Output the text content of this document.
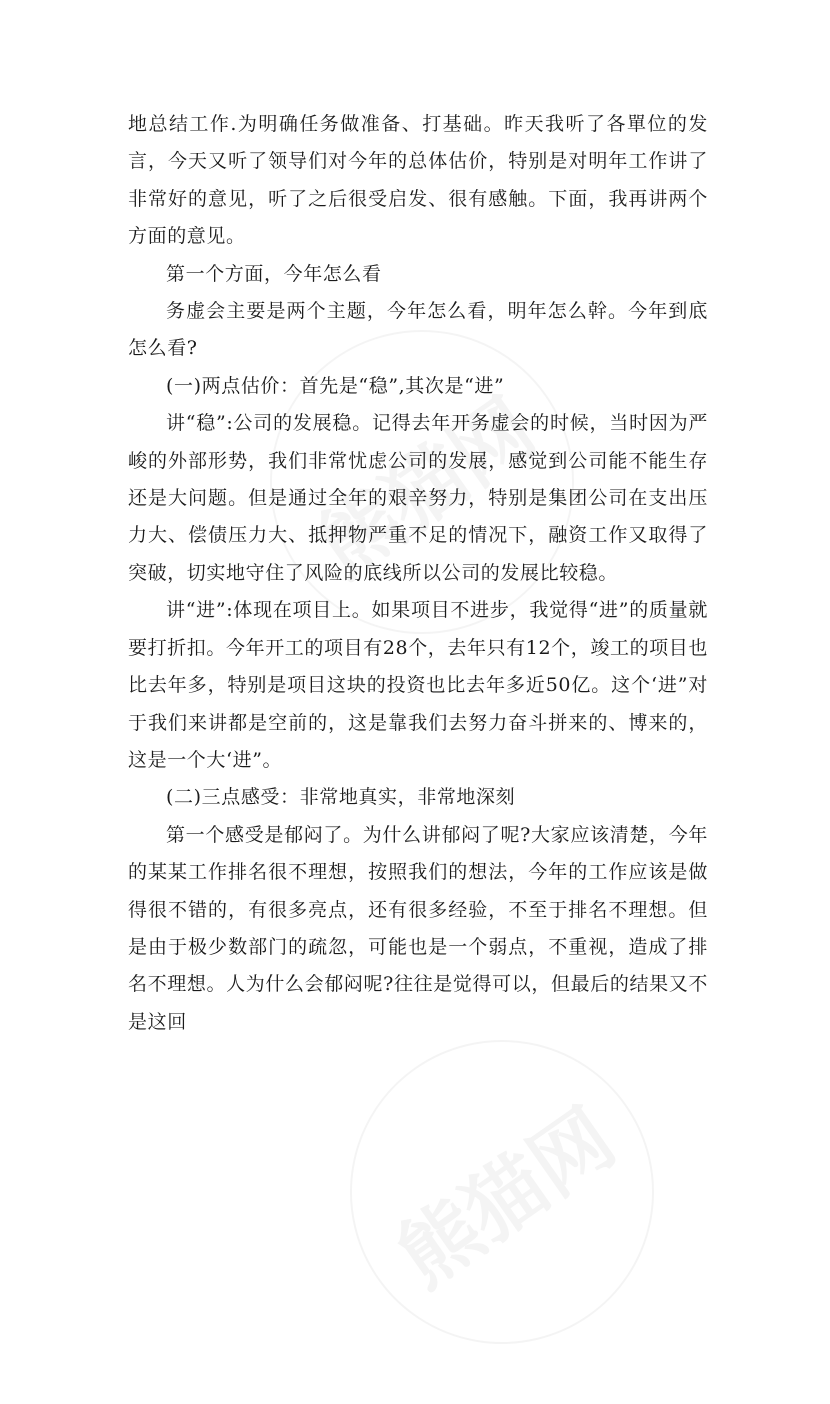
地总结工作.为明确任务做准备、打基础。昨天我听了各單位的发言，今天又听了领导们对今年的总体估价，特别是对明年工作讲了非常好的意见，听了之后很受启发、很有感触。下面，我再讲两个方面的意见。

第一个方面，今年怎么看

务虚会主要是两个主题，今年怎么看，明年怎么幹。今年到底怎么看?

(一)两点估价：首先是“稳”,其次是“进”

讲“稳”:公司的发展稳。记得去年开务虚会的时候，当时因为严峻的外部形势，我们非常忧虑公司的发展，感觉到公司能不能生存还是大问题。但是通过全年的艰辛努力，特别是集团公司在支出压力大、偿债压力大、抵押物严重不足的情况下，融资工作又取得了突破，切实地守住了风险的底线所以公司的发展比较稳。

讲“进”:体现在项目上。如果项目不进步，我觉得“进”的质量就要打折扣。今年开工的项目有28个，去年只有12个，竣工的项目也比去年多，特别是项目这块的投资也比去年多近50亿。这个‘进”对于我们来讲都是空前的，这是靠我们去努力奋斗拼来的、博来的，这是一个大‘进”。

(二)三点感受：非常地真实，非常地深刻

第一个感受是郁闷了。为什么讲郁闷了呢?大家应该清楚，今年的某某工作排名很不理想，按照我们的想法，今年的工作应该是做得很不错的，有很多亮点，还有很多经验，不至于排名不理想。但是由于极少数部门的疏忽，可能也是一个弱点，不重视，造成了排名不理想。人为什么会郁闷呢?往往是觉得可以，但最后的结果又不是这回
